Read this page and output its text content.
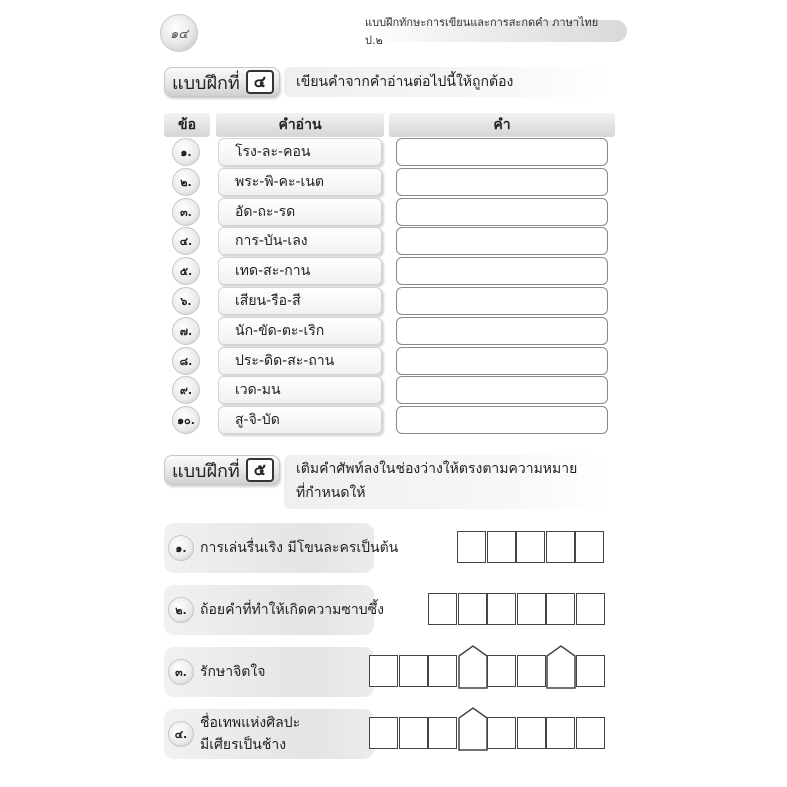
๑๔
แบบฝึกทักษะการเขียนและการสะกดคำ ภาษาไทย ป.๒
แบบฝึกที่ ๔	เขียนคำจากคำอ่านต่อไปนี้ให้ถูกต้อง
ข้อ	คำอ่าน	คำ
๑.	โรง-ละ-คอน
๒.	พระ-พิ-คะ-เนต
๓.	อัด-ถะ-รด
๔.	การ-บัน-เลง
๕.	เทด-สะ-กาน
๖.	เสียน-รือ-สี
๗.	นัก-ขัด-ตะ-เริก
๘.	ประ-ดิด-สะ-ถาน
๙.	เวด-มน
๑๐.	สู-จิ-บัด
แบบฝึกที่ ๕	เติมคำศัพท์ลงในช่องว่างให้ตรงตามความหมาย
ที่กำหนดให้
๑. การเล่นรื่นเริง มีโขนละครเป็นต้น
๒. ถ้อยคำที่ทำให้เกิดความซาบซึ้ง
๓. รักษาจิตใจ
๔.
ชื่อเทพแห่งศิลปะ
มีเศียรเป็นช้าง
